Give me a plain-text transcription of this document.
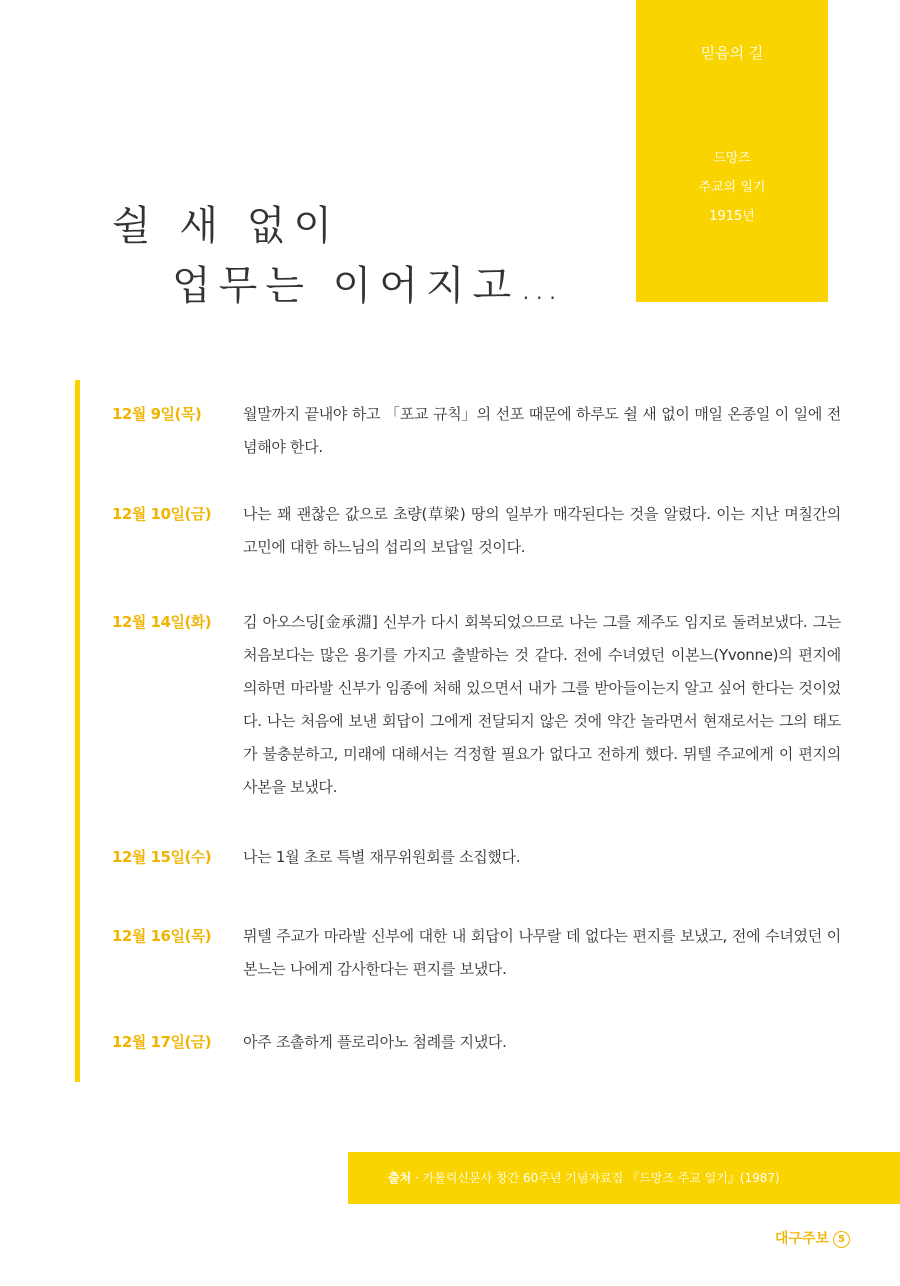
믿음의 길
드망즈
주교의 일기
1915년
쉴 새 없이
업무는 이어지고…
12월 9일(목)	월말까지 끝내야 하고 「포교 규칙」의 선포 때문에 하루도 쉴 새 없이 매일 온종일 이 일에 전념해야 한다.
12월 10일(금)	나는 꽤 괜찮은 값으로 초량(草梁) 땅의 일부가 매각된다는 것을 알렸다. 이는 지난 며칠간의 고민에 대한 하느님의 섭리의 보답일 것이다.
12월 14일(화)	김 아오스딩[金承淵] 신부가 다시 회복되었으므로 나는 그를 제주도 임지로 돌려보냈다. 그는 처음보다는 많은 용기를 가지고 출발하는 것 같다. 전에 수녀였던 이본느(Yvonne)의 편지에 의하면 마라발 신부가 임종에 처해 있으면서 내가 그를 받아들이는지 알고 싶어 한다는 것이었다. 나는 처음에 보낸 회답이 그에게 전달되지 않은 것에 약간 놀라면서 현재로서는 그의 태도가 불충분하고, 미래에 대해서는 걱정할 필요가 없다고 전하게 했다. 뮈텔 주교에게 이 편지의 사본을 보냈다.
12월 15일(수)	나는 1월 초로 특별 재무위원회를 소집했다.
12월 16일(목)	뮈텔 주교가 마라발 신부에 대한 내 회답이 나무랄 데 없다는 편지를 보냈고, 전에 수녀였던 이본느는 나에게 감사한다는 편지를 보냈다.
12월 17일(금)	아주 조촐하게 플로리아노 첨례를 지냈다.
출처 · 가톨릭신문사 창간 60주년 기념자료집 『드망즈 주교 일기』(1987)
대구주보 5
